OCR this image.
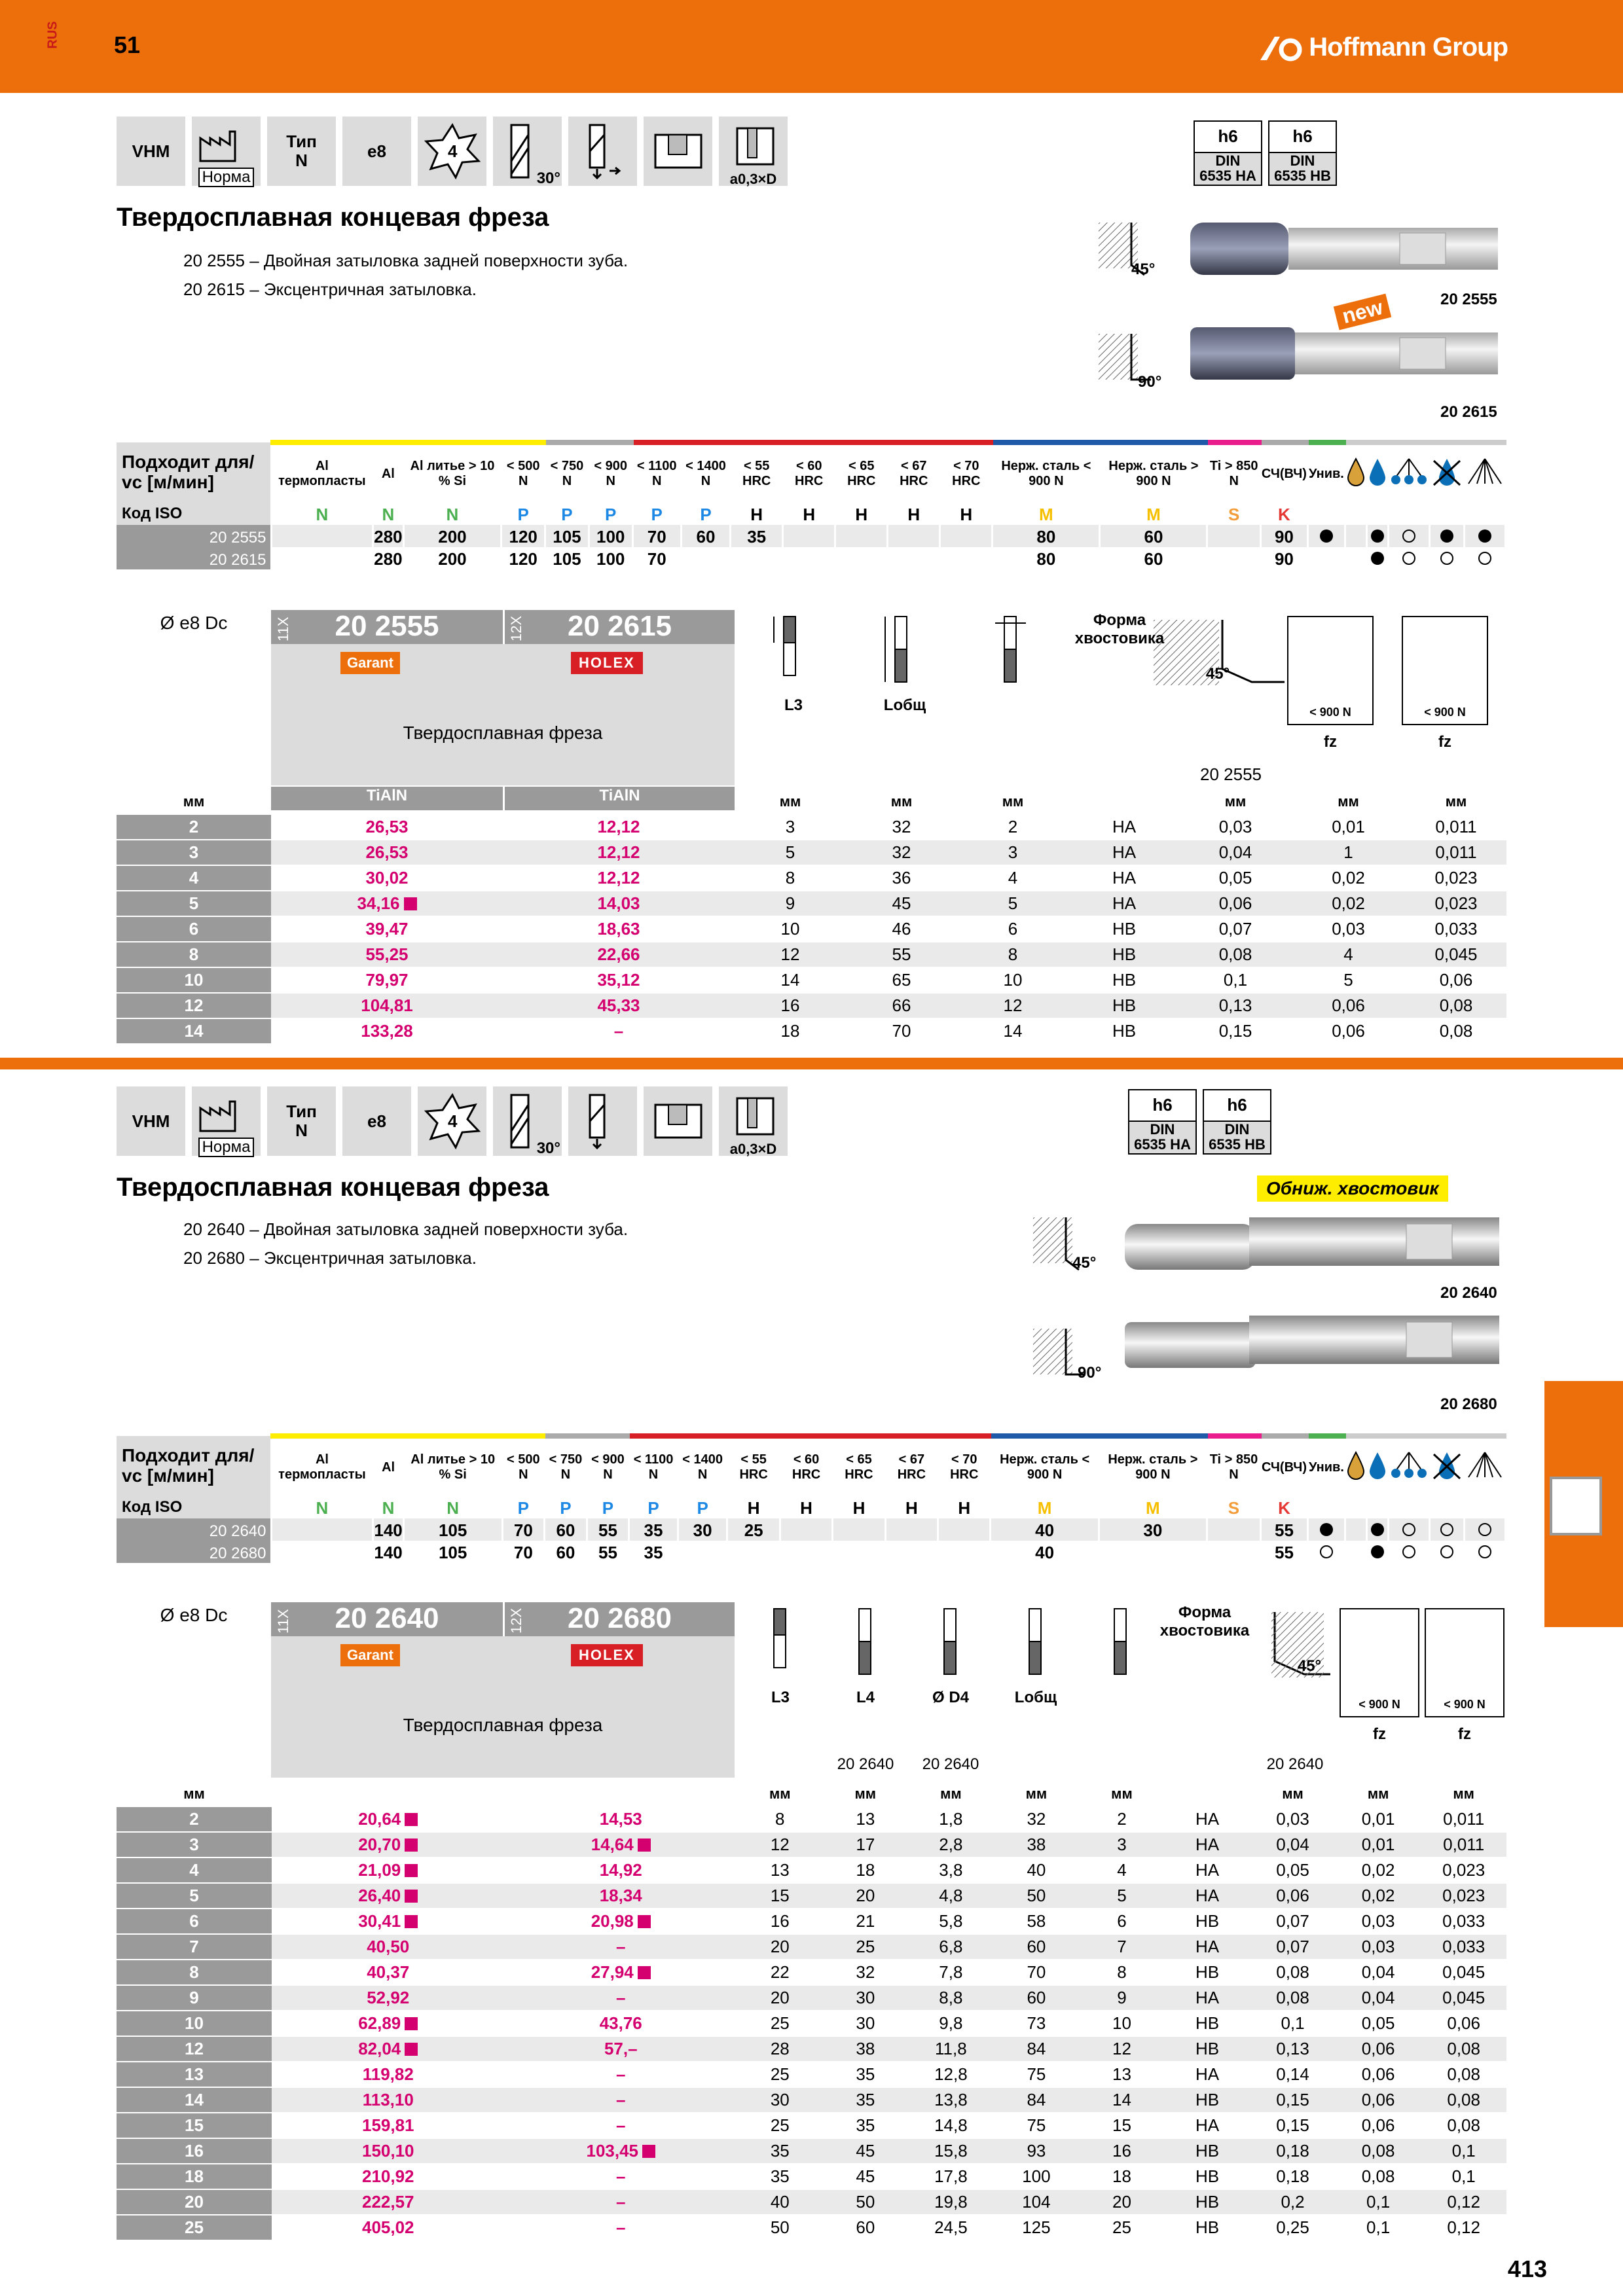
RUS 51	Hoffmann Group
VHM
Норма
Тип
N	e8	4
30°	a0,3×D
h6
DIN
6535 HA
h6
DIN
6535 HB
Твердосплавная концевая фреза
20 2555 – Двойная затыловка задней поверхности зуба.
20 2615 – Эксцентричная затыловка.
45°
90°
20 2555
20 2615
new
Подходит для/
vc [м/мин]	Al термопласты	Al	Al литье > 10 % Si	< 500 N	< 750 N	< 900 N	< 1100 N	< 1400 N	< 55 HRC	< 60 HRC	< 65 HRC	< 67 HRC	< 70 HRC	Нерж. сталь < 900 N	Нерж. сталь > 900 N	Ti > 850 N	СЧ(ВЧ)	Унив.					
Код ISO	N	N	N	P	P	P	P	P	H	H	H	H	H	M	M	S	K						
20 2555		280	200	120	105	100	70	60	35					80	60		90						
20 2615		280	200	120	105	100	70							80	60		90						
Ø e8 Dc	20 2555	20 2615
11X	12X
Garant	HOLEX
Твердосплавная фреза
TiAlN	TiAlN
L3	Lобщ
Форма хвостовика
45°
20 2555
< 900 N	< 900 N
fz	fz
мм			мм	мм	мм		мм	мм	мм
2	26,53	12,12	3	32	2	HA	0,03	0,01	0,011
3	26,53	12,12	5	32	3	HA	0,04	1	0,011
4	30,02	12,12	8	36	4	HA	0,05	0,02	0,023
5	34,16	14,03	9	45	5	HA	0,06	0,02	0,023
6	39,47	18,63	10	46	6	HB	0,07	0,03	0,033
8	55,25	22,66	12	55	8	HB	0,08	4	0,045
10	79,97	35,12	14	65	10	HB	0,1	5	0,06
12	104,81	45,33	16	66	12	HB	0,13	0,06	0,08
14	133,28	–	18	70	14	HB	0,15	0,06	0,08
VHM
Норма
Тип
N	e8	4
30°	a0,3×D
h6
DIN
6535 HA
h6
DIN
6535 HB
Твердосплавная концевая фреза
20 2640 – Двойная затыловка задней поверхности зуба.
20 2680 – Эксцентричная затыловка.
Обниж. хвостовик
45°
90°
20 2640
20 2680
Подходит для/
vc [м/мин]	Al термопласты	Al	Al литье > 10 % Si	< 500 N	< 750 N	< 900 N	< 1100 N	< 1400 N	< 55 HRC	< 60 HRC	< 65 HRC	< 67 HRC	< 70 HRC	Нерж. сталь < 900 N	Нерж. сталь > 900 N	Ti > 850 N	СЧ(ВЧ)	Унив.					
Код ISO	N	N	N	P	P	P	P	P	H	H	H	H	H	M	M	S	K						
20 2640		140	105	70	60	55	35	30	25					40	30		55						
20 2680		140	105	70	60	55	35							40			55						
Ø e8 Dc	20 2640	20 2680
11X	12X
Garant	HOLEX
Твердосплавная фреза
L3	L4	Ø D4	Lобщ
Форма хвостовика
45°
< 900 N	< 900 N
fz	fz
20 2640 20 2640	20 2640
мм			мм	мм	мм	мм	мм		мм	мм	мм
2	20,64	14,53	8	13	1,8	32	2	HA	0,03	0,01	0,011
3	20,70	14,64	12	17	2,8	38	3	HA	0,04	0,01	0,011
4	21,09	14,92	13	18	3,8	40	4	HA	0,05	0,02	0,023
5	26,40	18,34	15	20	4,8	50	5	HA	0,06	0,02	0,023
6	30,41	20,98	16	21	5,8	58	6	HB	0,07	0,03	0,033
7	40,50	–	20	25	6,8	60	7	HA	0,07	0,03	0,033
8	40,37	27,94	22	32	7,8	70	8	HB	0,08	0,04	0,045
9	52,92	–	20	30	8,8	60	9	HA	0,08	0,04	0,045
10	62,89	43,76	25	30	9,8	73	10	HB	0,1	0,05	0,06
12	82,04	57,–	28	38	11,8	84	12	HB	0,13	0,06	0,08
13	119,82	–	25	35	12,8	75	13	HA	0,14	0,06	0,08
14	113,10	–	30	35	13,8	84	14	HB	0,15	0,06	0,08
15	159,81	–	25	35	14,8	75	15	HA	0,15	0,06	0,08
16	150,10	103,45	35	45	15,8	93	16	HB	0,18	0,08	0,1
18	210,92	–	35	45	17,8	100	18	HB	0,18	0,08	0,1
20	222,57	–	40	50	19,8	104	20	HB	0,2	0,1	0,12
25	405,02	–	50	60	24,5	125	25	HB	0,25	0,1	0,12
413
